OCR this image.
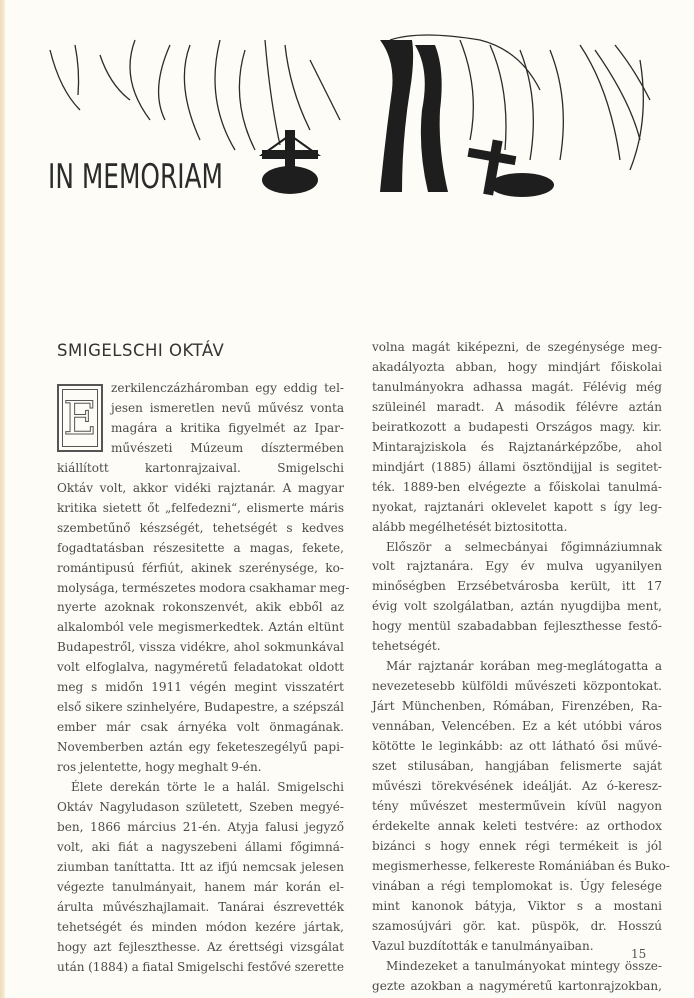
IN MEMORIAM
SMIGELSCHI OKTÁV
E
zerkilenczázháromban egy eddig tel-
jesen ismeretlen nevű művész vonta
magára a kritika figyelmét az Ipar-
művészeti Múzeum dísztermében
kiállított kartonrajzaival. Smigelschi
Oktáv volt, akkor vidéki rajztanár. A magyar
kritika sietett őt „felfedezni“, elismerte máris
szembetűnő készségét, tehetségét s kedves
fogadtatásban részesitette a magas, fekete,
romántipusú férfiút, akinek szerénysége, ko-
molysága, természetes modora csakhamar meg-
nyerte azoknak rokonszenvét, akik ebből az
alkalomból vele megismerkedtek. Aztán eltünt
Budapestről, vissza vidékre, ahol sokmunkával
volt elfoglalva, nagyméretű feladatokat oldott
meg s midőn 1911 végén megint visszatért
első sikere szinhelyére, Budapestre, a szépszál
ember már csak árnyéka volt önmagának.
Novemberben aztán egy feketeszegélyű papi-
ros jelentette, hogy meghalt 9-én.
Élete derekán törte le a halál. Smigelschi
Oktáv Nagyludason született, Szeben megyé-
ben, 1866 március 21-én. Atyja falusi jegyző
volt, aki fiát a nagyszebeni állami főgimná-
ziumban taníttatta. Itt az ifjú nemcsak jelesen
végezte tanulmányait, hanem már korán el-
árulta művészhajlamait. Tanárai észrevették
tehetségét és minden módon kezére jártak,
hogy azt fejleszthesse. Az érettségi vizsgálat
után (1884) a fiatal Smigelschi festővé szerette
volna magát kiképezni, de szegénysége meg-
akadályozta abban, hogy mindjárt főiskolai
tanulmányokra adhassa magát. Félévig még
szüleinél maradt. A második félévre aztán
beiratkozott a budapesti Országos magy. kir.
Mintarajziskola és Rajztanárképzőbe, ahol
mindjárt (1885) állami ösztöndijjal is segitet-
ték. 1889-ben elvégezte a főiskolai tanulmá-
nyokat, rajztanári oklevelet kapott s így leg-
alább megélhetését biztositotta.
Először a selmecbányai főgimnáziumnak
volt rajztanára. Egy év mulva ugyanilyen
minőségben Erzsébetvárosba került, itt 17
évig volt szolgálatban, aztán nyugdijba ment,
hogy mentül szabadabban fejleszthesse festő-
tehetségét.
Már rajztanár korában meg-meglátogatta a
nevezetesebb külföldi művészeti központokat.
Járt Münchenben, Rómában, Firenzében, Ra-
vennában, Velencében. Ez a két utóbbi város
kötötte le leginkább: az ott látható ősi művé-
szet stilusában, hangjában felismerte saját
művészi törekvésének ideálját. Az ó-keresz-
tény művészet mesterművein kívül nagyon
érdekelte annak keleti testvére: az orthodox
bizánci s hogy ennek régi termékeit is jól
megismerhesse, felkereste Romániában és Buko-
vinában a régi templomokat is. Úgy felesége
mint kanonok bátyja, Viktor s a mostani
szamosújvári gör. kat. püspök, dr. Hosszú
Vazul buzdították e tanulmányaiban.
Mindezeket a tanulmányokat mintegy össze-
gezte azokban a nagyméretű kartonrajzokban,
15
